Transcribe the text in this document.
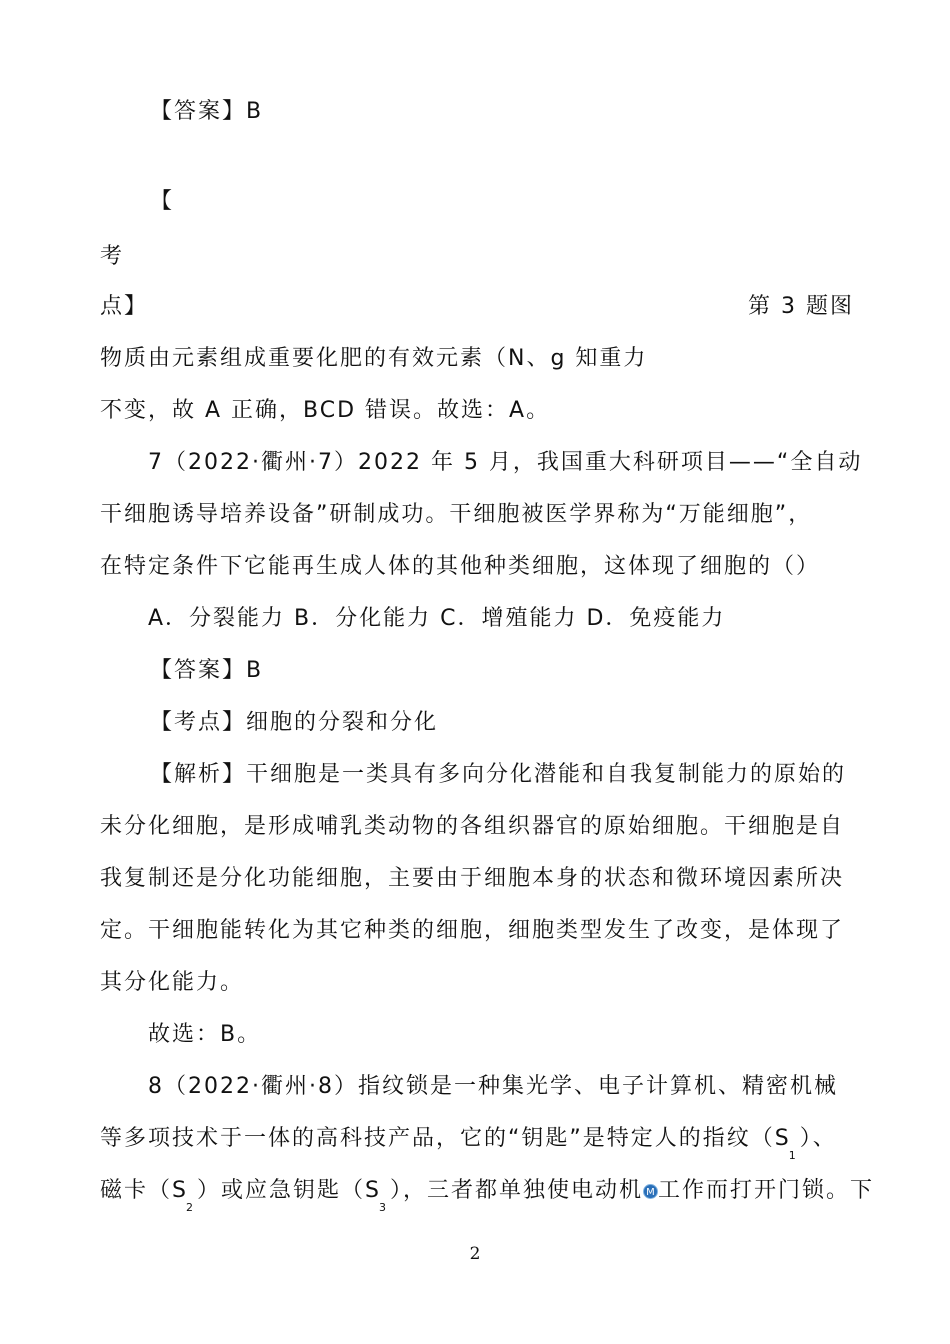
【答案】B
【
考
点】	第 3 题图
物质由元素组成重要化肥的有效元素（N、g 知重力
不变，故 A 正确，BCD 错误。故选：A。
7（2022·衢州·7）2022 年 5 月，我国重大科研项目——“全自动
干细胞诱导培养设备”研制成功。干细胞被医学界称为“万能细胞”，
在特定条件下它能再生成人体的其他种类细胞，这体现了细胞的（）
A．分裂能力 B．分化能力 C．增殖能力 D．免疫能力
【答案】B
【考点】细胞的分裂和分化
【解析】干细胞是一类具有多向分化潜能和自我复制能力的原始的
未分化细胞，是形成哺乳类动物的各组织器官的原始细胞。干细胞是自
我复制还是分化功能细胞，主要由于细胞本身的状态和微环境因素所决
定。干细胞能转化为其它种类的细胞，细胞类型发生了改变，是体现了
其分化能力。
故选：B。
8（2022·衢州·8）指纹锁是一种集光学、电子计算机、精密机械
等多项技术于一体的高科技产品，它的“钥匙”是特定人的指纹$(S_1)$、
磁卡$(S_2)$或应急钥匙$(S_3)$，三者都单独使电动机 M 工作而打开门锁。下
2
